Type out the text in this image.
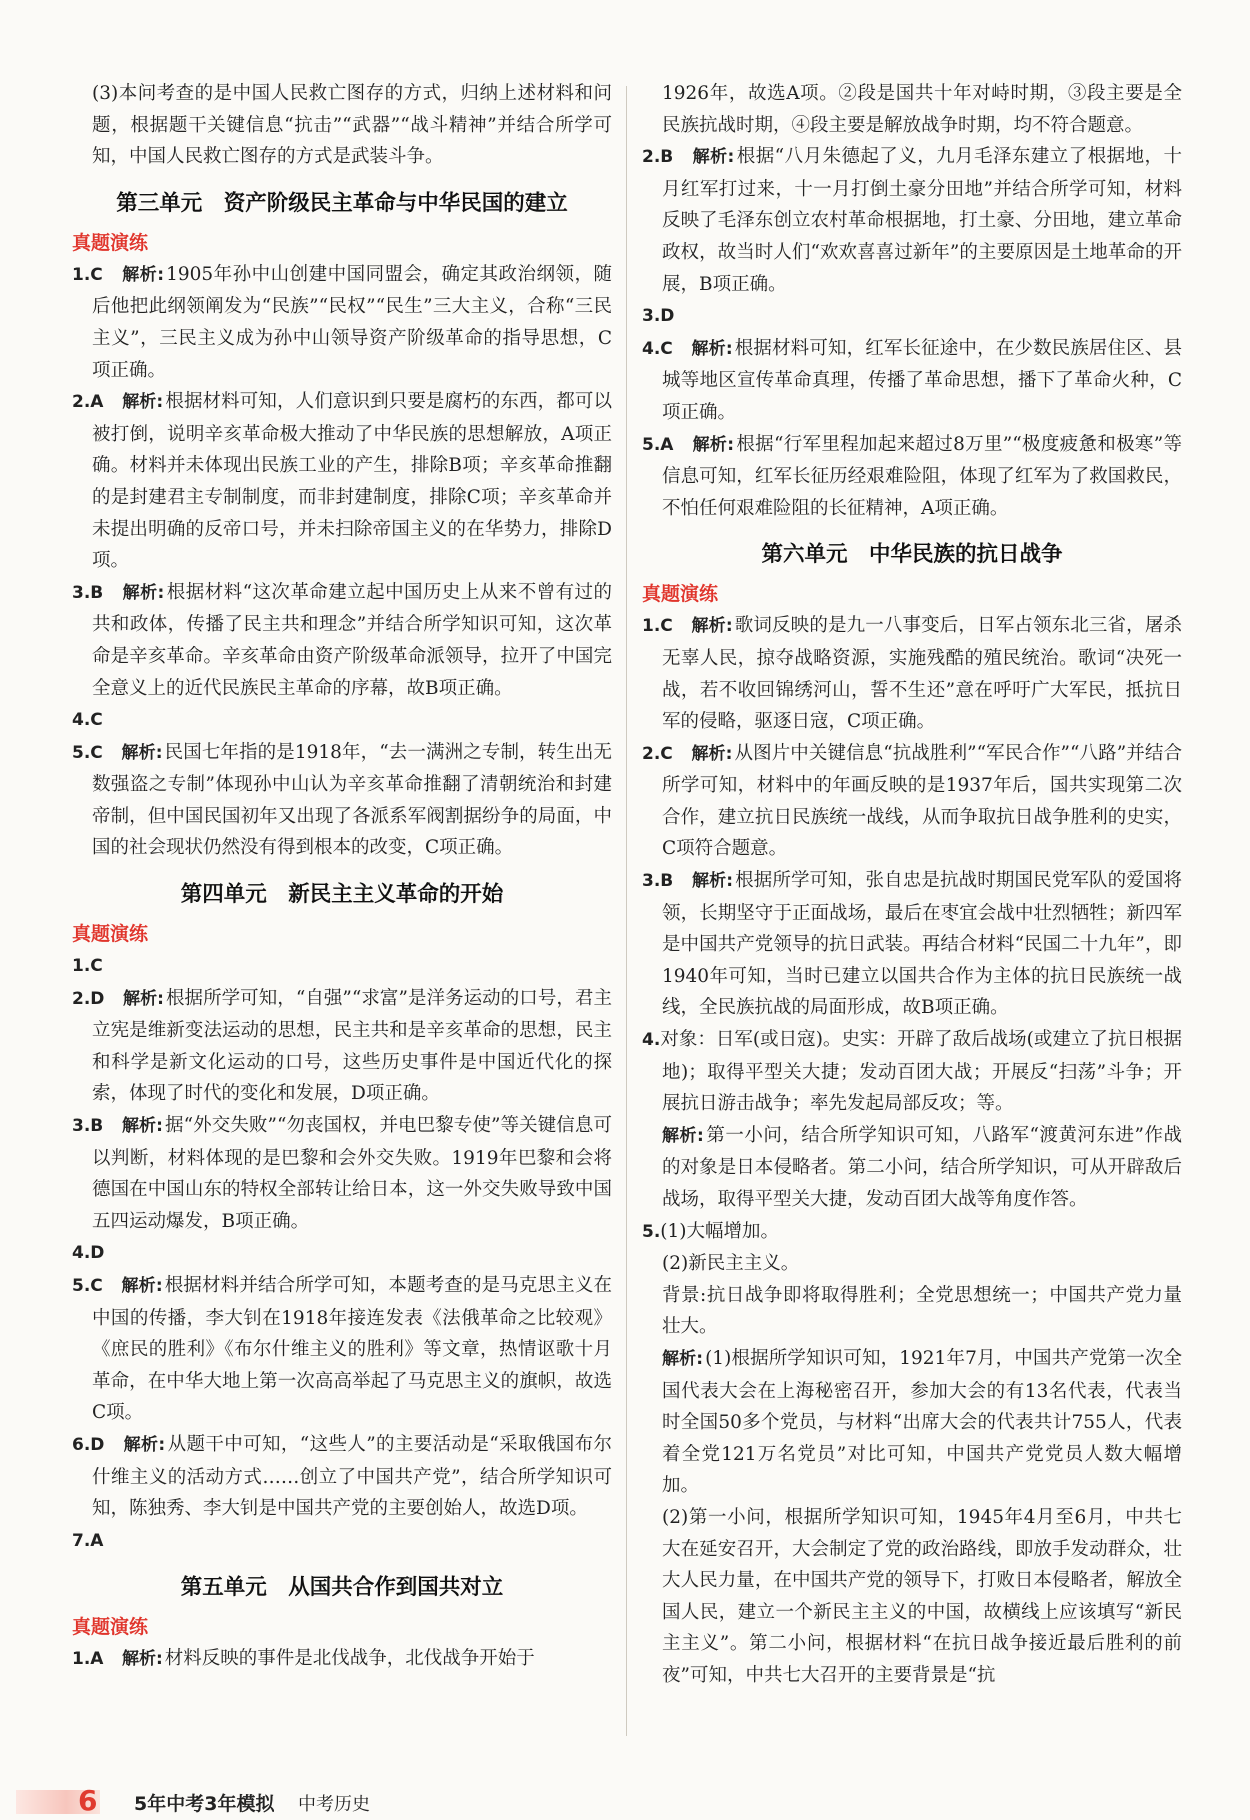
(3)本问考查的是中国人民救亡图存的方式，归纳上述材料和问题，根据题干关键信息“抗击”“武器”“战斗精神”并结合所学可知，中国人民救亡图存的方式是武装斗争。

第三单元　资产阶级民主革命与中华民国的建立
真题演练

1.C　 解析: 1905年孙中山创建中国同盟会，确定其政治纲领，随后他把此纲领阐发为“民族”“民权”“民生”三大主义，合称“三民主义”，三民主义成为孙中山领导资产阶级革命的指导思想，C项正确。

2.A　 解析: 根据材料可知，人们意识到只要是腐朽的东西，都可以被打倒，说明辛亥革命极大推动了中华民族的思想解放，A项正确。材料并未体现出民族工业的产生，排除B项；辛亥革命推翻的是封建君主专制制度，而非封建制度，排除C项；辛亥革命并未提出明确的反帝口号，并未扫除帝国主义的在华势力，排除D项。

3.B　 解析: 根据材料“这次革命建立起中国历史上从来不曾有过的共和政体，传播了民主共和理念”并结合所学知识可知，这次革命是辛亥革命。辛亥革命由资产阶级革命派领导，拉开了中国完全意义上的近代民族民主革命的序幕，故B项正确。

4.C

5.C　 解析: 民国七年指的是1918年，“去一满洲之专制，转生出无数强盗之专制”体现孙中山认为辛亥革命推翻了清朝统治和封建帝制，但中国民国初年又出现了各派系军阀割据纷争的局面，中国的社会现状仍然没有得到根本的改变，C项正确。

第四单元　新民主主义革命的开始
真题演练

1.C

2.D　 解析: 根据所学可知，“自强”“求富”是洋务运动的口号，君主立宪是维新变法运动的思想，民主共和是辛亥革命的思想，民主和科学是新文化运动的口号，这些历史事件是中国近代化的探索，体现了时代的变化和发展，D项正确。

3.B　 解析: 据“外交失败”“勿丧国权，并电巴黎专使”等关键信息可以判断，材料体现的是巴黎和会外交失败。1919年巴黎和会将德国在中国山东的特权全部转让给日本，这一外交失败导致中国五四运动爆发，B项正确。

4.D

5.C　 解析: 根据材料并结合所学可知，本题考查的是马克思主义在中国的传播，李大钊在1918年接连发表《法俄革命之比较观》《庶民的胜利》《布尔什维主义的胜利》等文章，热情讴歌十月革命，在中华大地上第一次高高举起了马克思主义的旗帜，故选C项。

6.D　 解析: 从题干中可知，“这些人”的主要活动是“采取俄国布尔什维主义的活动方式……创立了中国共产党”，结合所学知识可知，陈独秀、李大钊是中国共产党的主要创始人，故选D项。

7.A

第五单元　从国共合作到国共对立
真题演练

1.A　 解析: 材料反映的事件是北伐战争，北伐战争开始于

1926年，故选A项。②段是国共十年对峙时期，③段主要是全民族抗战时期，④段主要是解放战争时期，均不符合题意。

2.B　 解析: 根据“八月朱德起了义，九月毛泽东建立了根据地，十月红军打过来，十一月打倒土豪分田地”并结合所学可知，材料反映了毛泽东创立农村革命根据地，打土豪、分田地，建立革命政权，故当时人们“欢欢喜喜过新年”的主要原因是土地革命的开展，B项正确。

3.D

4.C　 解析: 根据材料可知，红军长征途中，在少数民族居住区、县城等地区宣传革命真理，传播了革命思想，播下了革命火种，C项正确。

5.A　 解析: 根据“行军里程加起来超过8万里”“极度疲惫和极寒”等信息可知，红军长征历经艰难险阻，体现了红军为了救国救民，不怕任何艰难险阻的长征精神，A项正确。

第六单元　中华民族的抗日战争
真题演练

1.C　 解析: 歌词反映的是九一八事变后，日军占领东北三省，屠杀无辜人民，掠夺战略资源，实施残酷的殖民统治。歌词“决死一战，若不收回锦绣河山，誓不生还”意在呼吁广大军民，抵抗日军的侵略，驱逐日寇，C项正确。

2.C　 解析: 从图片中关键信息“抗战胜利”“军民合作”“八路”并结合所学可知，材料中的年画反映的是1937年后，国共实现第二次合作，建立抗日民族统一战线，从而争取抗日战争胜利的史实，C项符合题意。

3.B　 解析: 根据所学可知，张自忠是抗战时期国民党军队的爱国将领，长期坚守于正面战场，最后在枣宜会战中壮烈牺牲；新四军是中国共产党领导的抗日武装。再结合材料“民国二十九年”，即1940年可知，当时已建立以国共合作为主体的抗日民族统一战线，全民族抗战的局面形成，故B项正确。

4.对象：日军(或日寇)。史实：开辟了敌后战场(或建立了抗日根据地)；取得平型关大捷；发动百团大战；开展反“扫荡”斗争；开展抗日游击战争；率先发起局部反攻；等。

解析: 第一小问，结合所学知识可知，八路军“渡黄河东进”作战的对象是日本侵略者。第二小问，结合所学知识，可从开辟敌后战场，取得平型关大捷，发动百团大战等角度作答。

5.(1)大幅增加。

(2)新民主主义。

背景:抗日战争即将取得胜利；全党思想统一；中国共产党力量壮大。

解析: (1)根据所学知识可知，1921年7月，中国共产党第一次全国代表大会在上海秘密召开，参加大会的有13名代表，代表当时全国50多个党员，与材料“出席大会的代表共计755人，代表着全党121万名党员”对比可知，中国共产党党员人数大幅增加。

(2)第一小问，根据所学知识可知，1945年4月至6月，中共七大在延安召开，大会制定了党的政治路线，即放手发动群众，壮大人民力量，在中国共产党的领导下，打败日本侵略者，解放全国人民，建立一个新民主主义的中国，故横线上应该填写“新民主主义”。第二小问，根据材料“在抗日战争接近最后胜利的前夜”可知，中共七大召开的主要背景是“抗

6 5年中考3年模拟 中考历史
